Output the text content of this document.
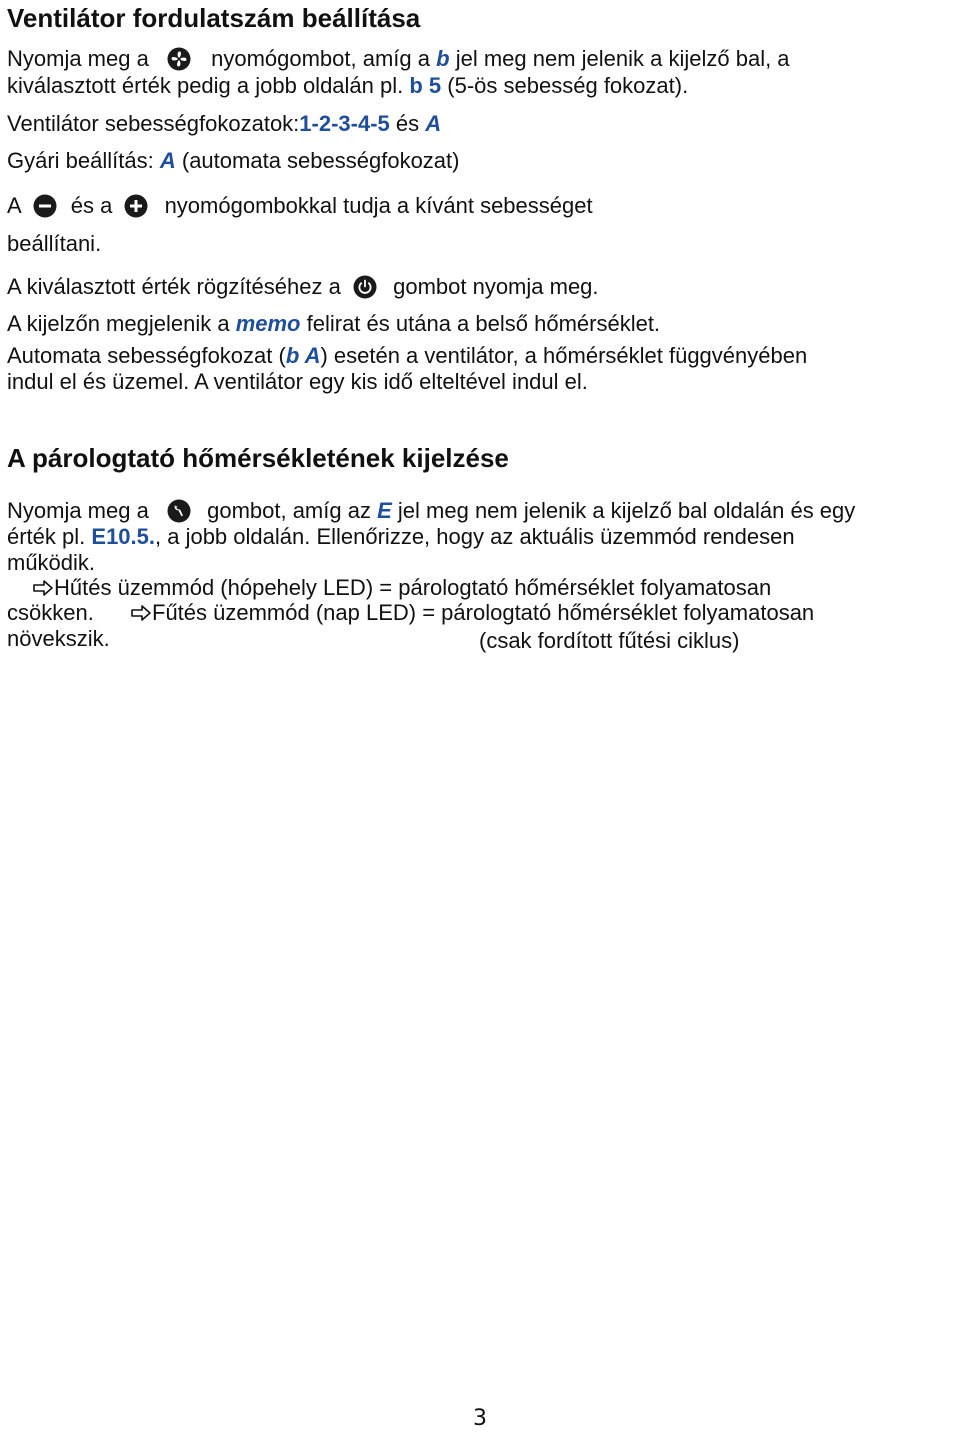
Ventilátor fordulatszám beállítása
Nyomja meg a	nyomógombot, amíg a b jel meg nem jelenik a kijelző bal, a
kiválasztott érték pedig a jobb oldalán pl. b 5 (5-ös sebesség fokozat).
Ventilátor sebességfokozatok:1-2-3-4-5 és A
Gyári beállítás: A (automata sebességfokozat)
A és a nyomógombokkal tudja a kívánt sebességet
beállítani.
A kiválasztott érték rögzítéséhez a gombot nyomja meg.
A kijelzőn megjelenik a memo felirat és utána a belső hőmérséklet.
Automata sebességfokozat (b A) esetén a ventilátor, a hőmérséklet függvényében
indul el és üzemel. A ventilátor egy kis idő elteltével indul el.
A párologtató hőmérsékletének kijelzése
Nyomja meg a	gombot, amíg az E jel meg nem jelenik a kijelző bal oldalán és egy
érték pl. E10.5., a jobb oldalán. Ellenőrizze, hogy az aktuális üzemmód rendesen
működik.
Hűtés üzemmód (hópehely LED) = párologtató hőmérséklet folyamatosan
csökken.	Fűtés üzemmód (nap LED) = párologtató hőmérséklet folyamatosan
növekszik.	(csak fordított fűtési ciklus)
3
